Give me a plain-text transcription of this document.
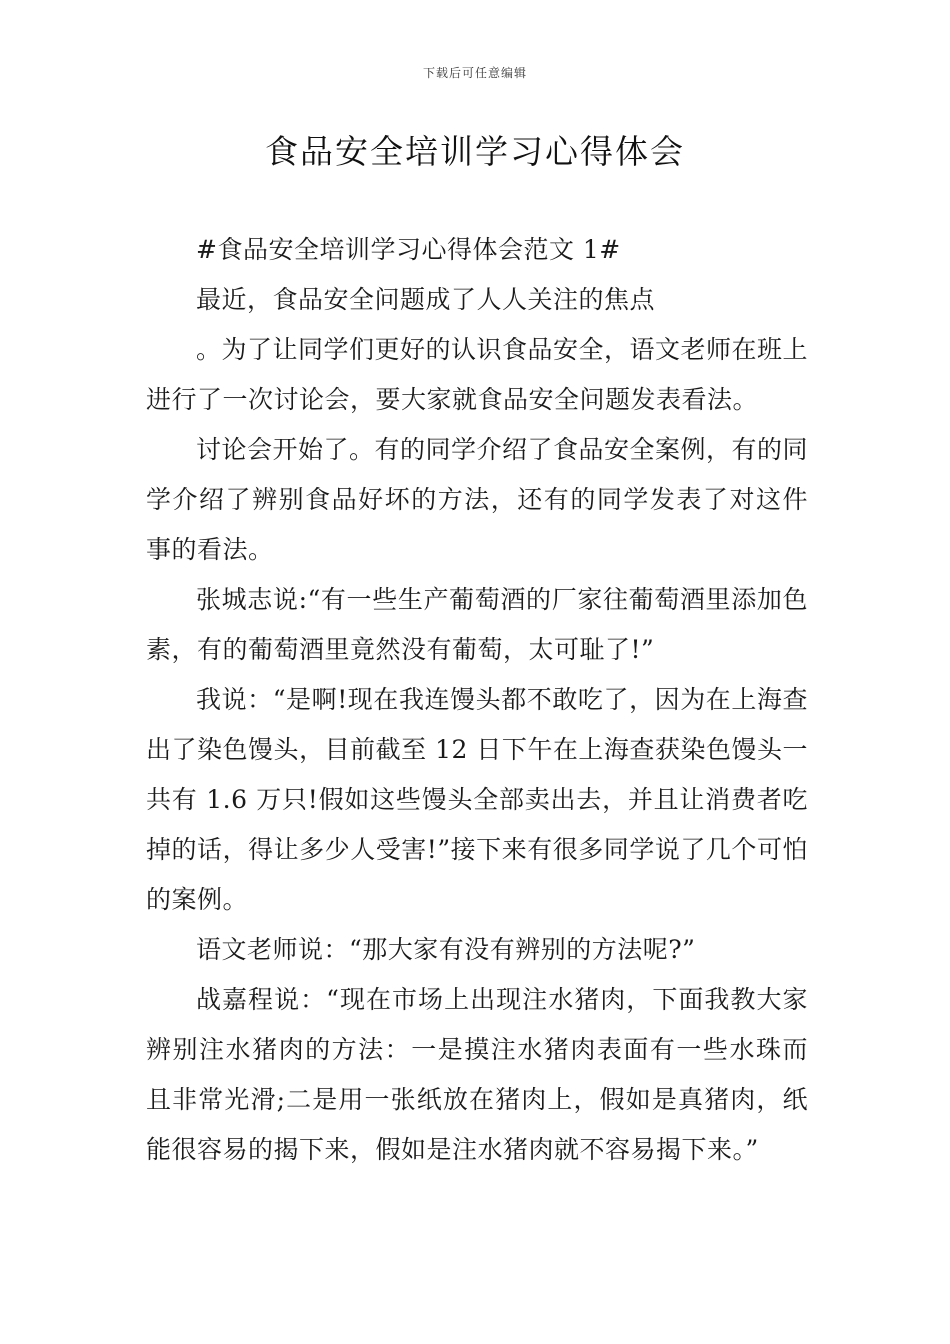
下载后可任意编辑
食品安全培训学习心得体会

#食品安全培训学习心得体会范文 1#

最近，食品安全问题成了人人关注的焦点

。为了让同学们更好的认识食品安全，语文老师在班上进行了一次讨论会，要大家就食品安全问题发表看法。

讨论会开始了。有的同学介绍了食品安全案例，有的同学介绍了辨别食品好坏的方法，还有的同学发表了对这件事的看法。

张城志说:“有一些生产葡萄酒的厂家往葡萄酒里添加色素，有的葡萄酒里竟然没有葡萄，太可耻了!”

我说：“是啊!现在我连馒头都不敢吃了，因为在上海查出了染色馒头，目前截至 12 日下午在上海查获染色馒头一共有 1.6 万只!假如这些馒头全部卖出去，并且让消费者吃掉的话，得让多少人受害!”接下来有很多同学说了几个可怕的案例。

语文老师说：“那大家有没有辨别的方法呢?”

战嘉程说：“现在市场上出现注水猪肉，下面我教大家辨别注水猪肉的方法：一是摸注水猪肉表面有一些水珠而且非常光滑;二是用一张纸放在猪肉上，假如是真猪肉，纸能很容易的揭下来，假如是注水猪肉就不容易揭下来。”
